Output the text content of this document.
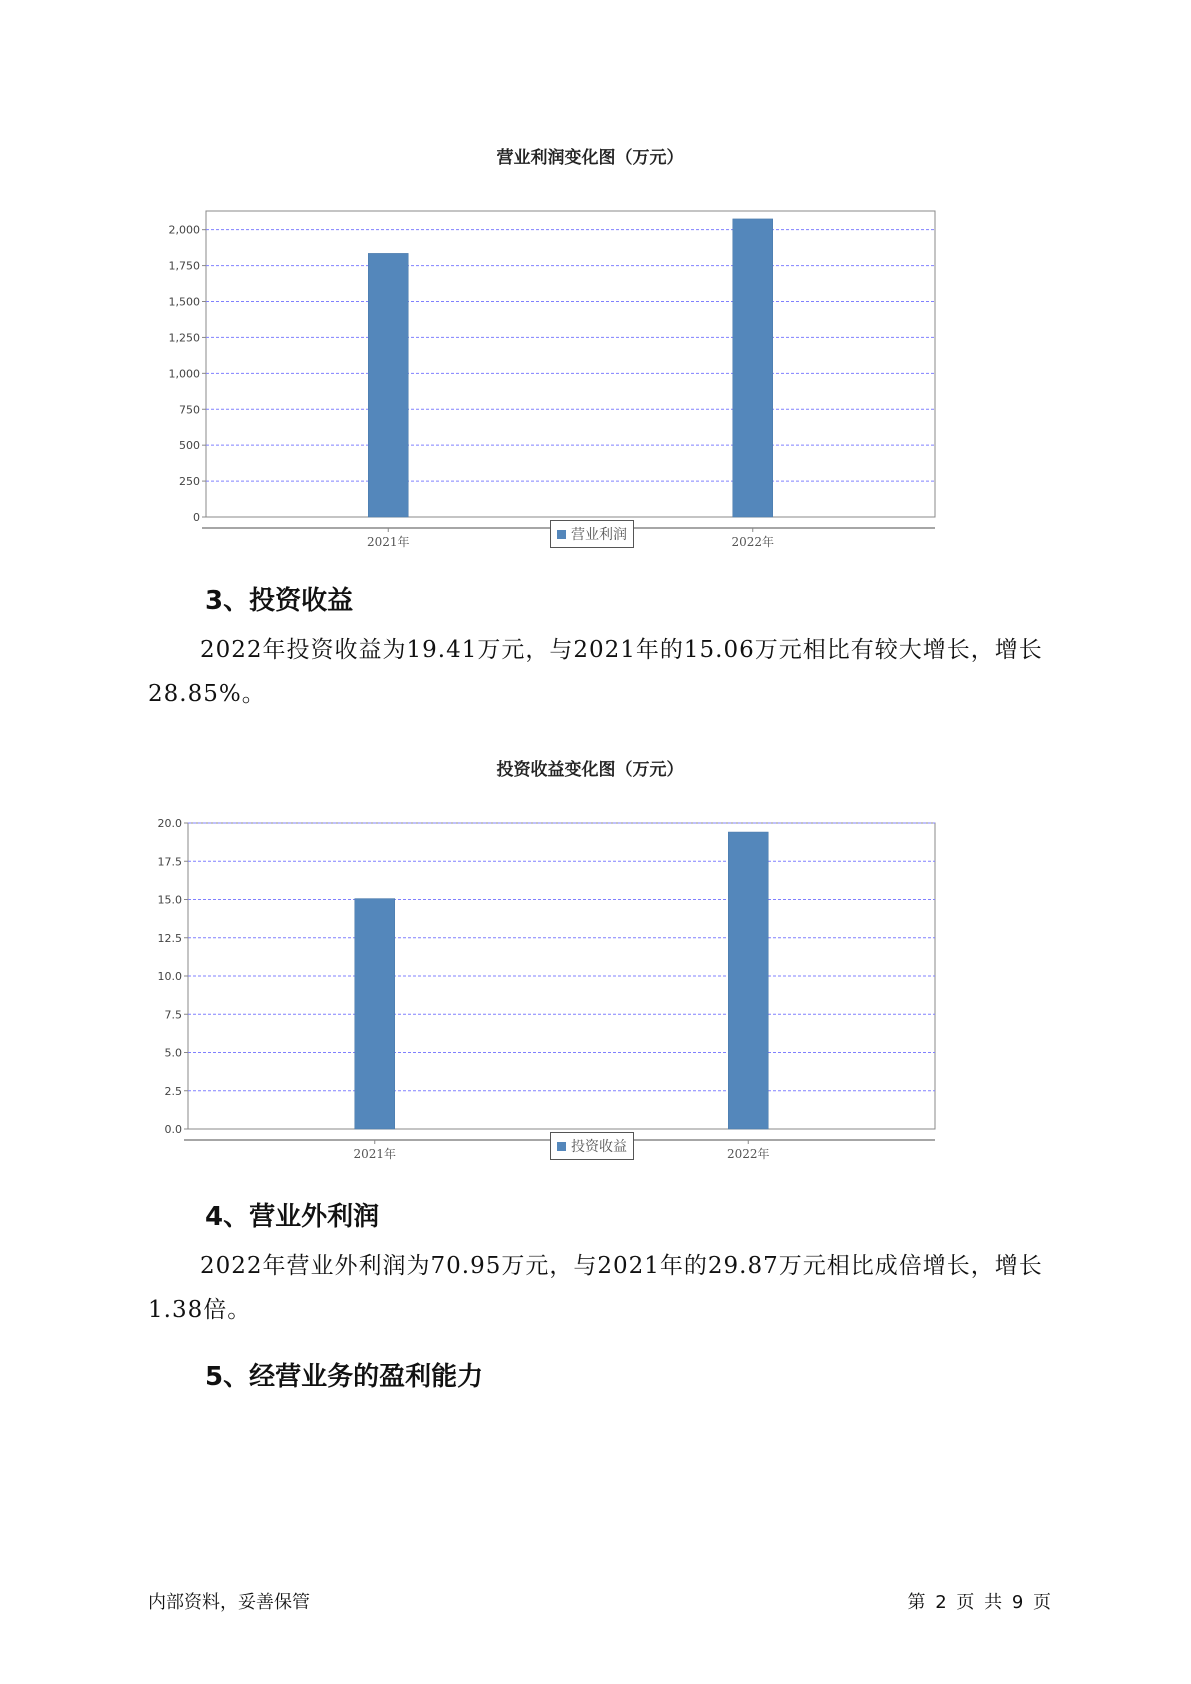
营业利润变化图（万元）
0
250
500
750
1,000
1,250
1,500
1,750
2,000
2021年	2022年
营业利润
3、投资收益

2022年投资收益为19.41万元，与2021年的15.06万元相比有较大增长，增长28.85%。

投资收益变化图（万元）
0.0
2.5
5.0
7.5
10.0
12.5
15.0
17.5
20.0
2021年	2022年
投资收益
4、营业外利润

2022年营业外利润为70.95万元，与2021年的29.87万元相比成倍增长，增长1.38倍。

5、经营业务的盈利能力
内部资料，妥善保管	第 2 页 共 9 页
